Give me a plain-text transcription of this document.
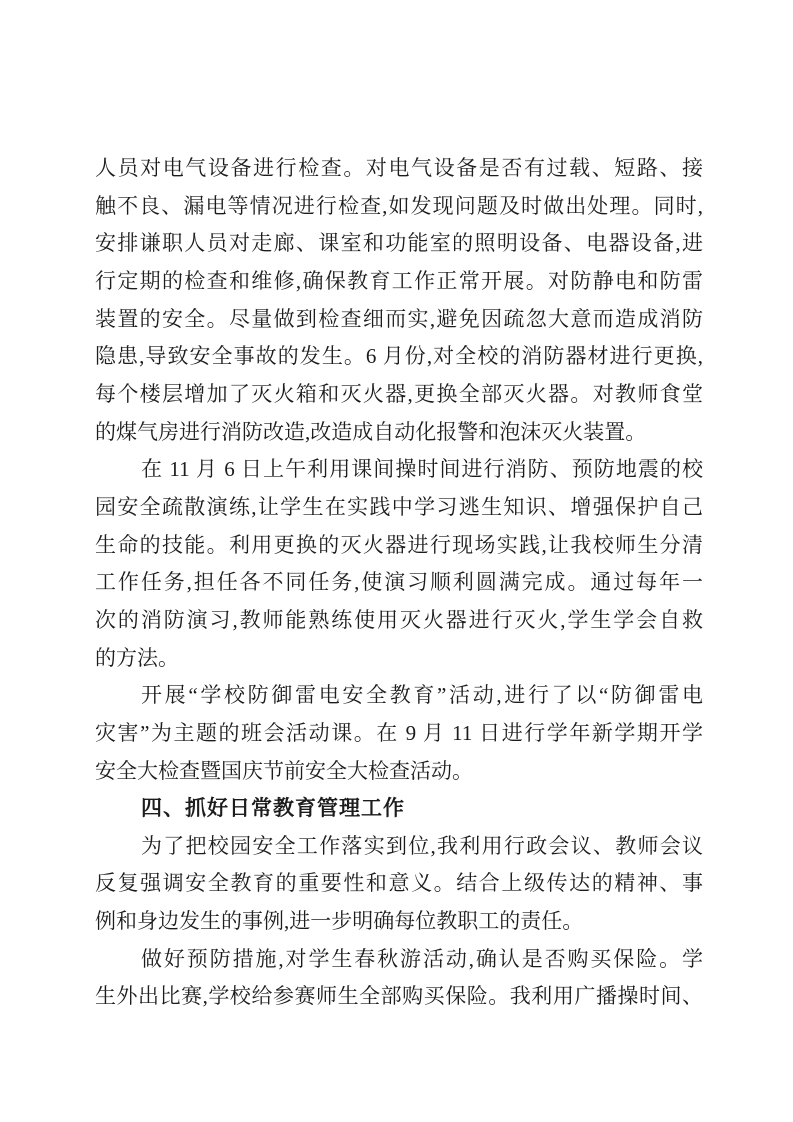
人员对电气设备进行检查。对电气设备是否有过载、短路、接
触不良、漏电等情况进行检查,如发现问题及时做出处理。同时,
安排谦职人员对走廊、课室和功能室的照明设备、电器设备,进
行定期的检查和维修,确保教育工作正常开展。对防静电和防雷
装置的安全。尽量做到检查细而实,避免因疏忽大意而造成消防
隐患,导致安全事故的发生。6 月份,对全校的消防器材进行更换,
每个楼层增加了灭火箱和灭火器,更换全部灭火器。对教师食堂
的煤气房进行消防改造,改造成自动化报警和泡沫灭火装置。
在 11 月 6 日上午利用课间操时间进行消防、预防地震的校
园安全疏散演练,让学生在实践中学习逃生知识、增强保护自己
生命的技能。利用更换的灭火器进行现场实践,让我校师生分清
工作任务,担任各不同任务,使演习顺利圆满完成。通过每年一
次的消防演习,教师能熟练使用灭火器进行灭火,学生学会自救
的方法。
开展“学校防御雷电安全教育”活动,进行了以“防御雷电
灾害”为主题的班会活动课。在 9 月 11 日进行学年新学期开学
安全大检查暨国庆节前安全大检查活动。
四、抓好日常教育管理工作
为了把校园安全工作落实到位,我利用行政会议、教师会议
反复强调安全教育的重要性和意义。结合上级传达的精神、事
例和身边发生的事例,进一步明确每位教职工的责任。
做好预防措施,对学生春秋游活动,确认是否购买保险。学
生外出比赛,学校给参赛师生全部购买保险。我利用广播操时间、
